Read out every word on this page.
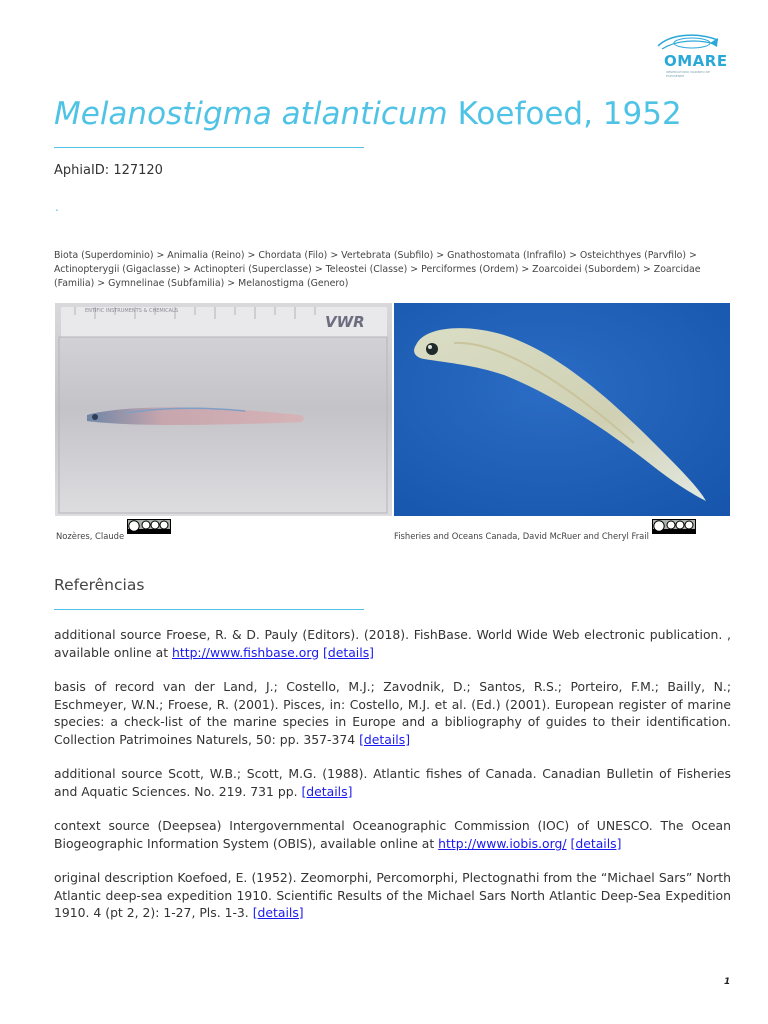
OMARE
OBSERVATÓRIO MARINHO DE ESPOSENDE
Melanostigma atlanticum Koefoed, 1952
AphiaID: 127120
.
Biota (Superdominio) > Animalia (Reino) > Chordata (Filo) > Vertebrata (Subfilo) > Gnathostomata (Infrafilo) > Osteichthyes (Parvfilo) > Actinopterygii (Gigaclasse) > Actinopteri (Superclasse) > Teleostei (Classe) > Perciformes (Ordem) > Zoarcoidei (Subordem) > Zoarcidae (Familia) > Gymnelinae (Subfamilia) > Melanostigma (Genero)
ENTIFIC INSTRUMENTS & CHEMICALS
VWR
Nozères, Claude	Fisheries and Oceans Canada, David McRuer and Cheryl Frail
Referências

additional source Froese, R. & D. Pauly (Editors). (2018). FishBase. World Wide Web electronic publication. , available online at http://www.fishbase.org [details]

basis of record van der Land, J.; Costello, M.J.; Zavodnik, D.; Santos, R.S.; Porteiro, F.M.; Bailly, N.; Eschmeyer, W.N.; Froese, R. (2001). Pisces, in: Costello, M.J. et al. (Ed.) (2001). European register of marine species: a check-list of the marine species in Europe and a bibliography of guides to their identification. Collection Patrimoines Naturels, 50: pp. 357-374 [details]

additional source Scott, W.B.; Scott, M.G. (1988). Atlantic fishes of Canada. Canadian Bulletin of Fisheries and Aquatic Sciences. No. 219. 731 pp. [details]

context source (Deepsea) Intergovernmental Oceanographic Commission (IOC) of UNESCO. The Ocean Biogeographic Information System (OBIS), available online at http://www.iobis.org/ [details]

original description Koefoed, E. (1952). Zeomorphi, Percomorphi, Plectognathi from the “Michael Sars” North Atlantic deep-sea expedition 1910. Scientific Results of the Michael Sars North Atlantic Deep-Sea Expedition 1910. 4 (pt 2, 2): 1-27, Pls. 1-3. [details]

1
